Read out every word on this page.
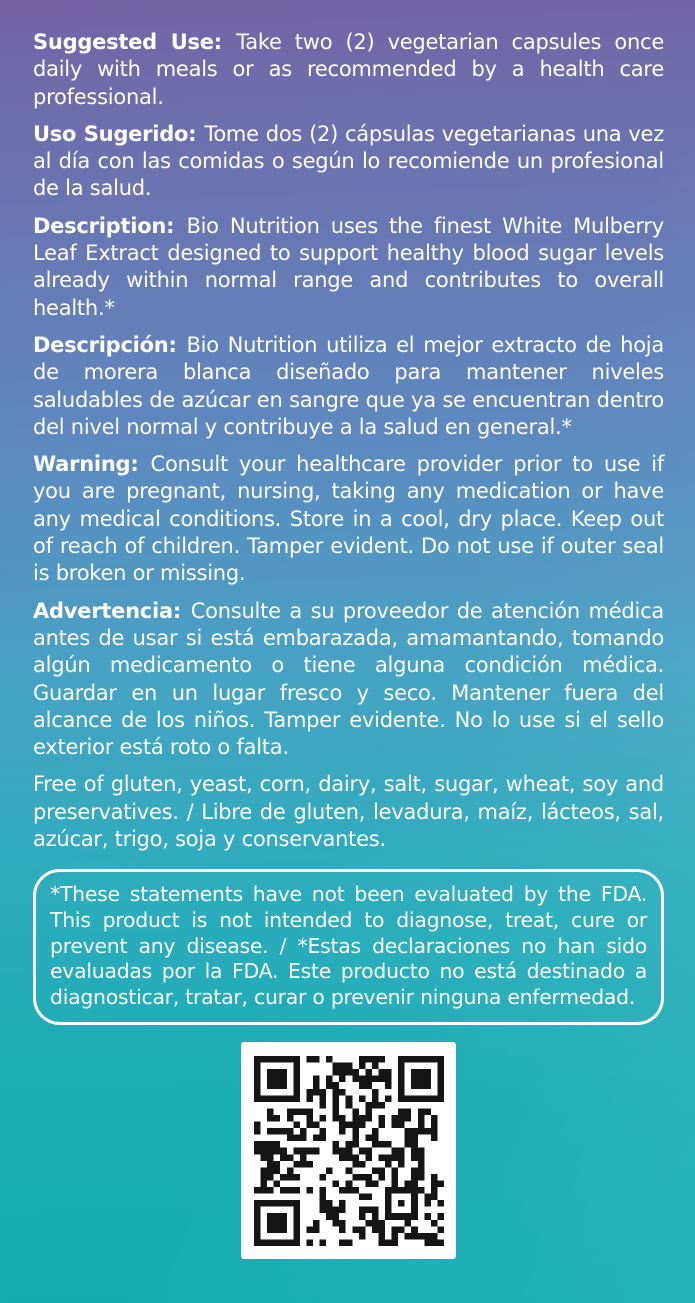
Suggested Use: Take two (2) vegetarian capsules once daily with meals or as recommended by a health care professional.

Uso Sugerido: Tome dos (2) cápsulas vegetarianas una vez al día con las comidas o según lo recomiende un profesional de la salud.

Description: Bio Nutrition uses the finest White Mulberry Leaf Extract designed to support healthy blood sugar levels already within normal range and contributes to overall health.*

Descripción: Bio Nutrition utiliza el mejor extracto de hoja de morera blanca diseñado para mantener niveles saludables de azúcar en sangre que ya se encuentran dentro del nivel normal y contribuye a la salud en general.*

Warning: Consult your healthcare provider prior to use if you are pregnant, nursing, taking any medication or have any medical conditions. Store in a cool, dry place. Keep out of reach of children. Tamper evident. Do not use if outer seal is broken or missing.

Advertencia: Consulte a su proveedor de atención médica antes de usar si está embarazada, amamantando, tomando algún medicamento o tiene alguna condición médica. Guardar en un lugar fresco y seco. Mantener fuera del alcance de los niños. Tamper evidente. No lo use si el sello exterior está roto o falta.

Free of gluten, yeast, corn, dairy, salt, sugar, wheat, soy and preservatives. / Libre de gluten, levadura, maíz, lácteos, sal, azúcar, trigo, soja y conservantes.

*These statements have not been evaluated by the FDA. This product is not intended to diagnose, treat, cure or prevent any disease. / *Estas declaraciones no han sido evaluadas por la FDA. Este producto no está destinado a diagnosticar, tratar, curar o prevenir ninguna enfermedad.
